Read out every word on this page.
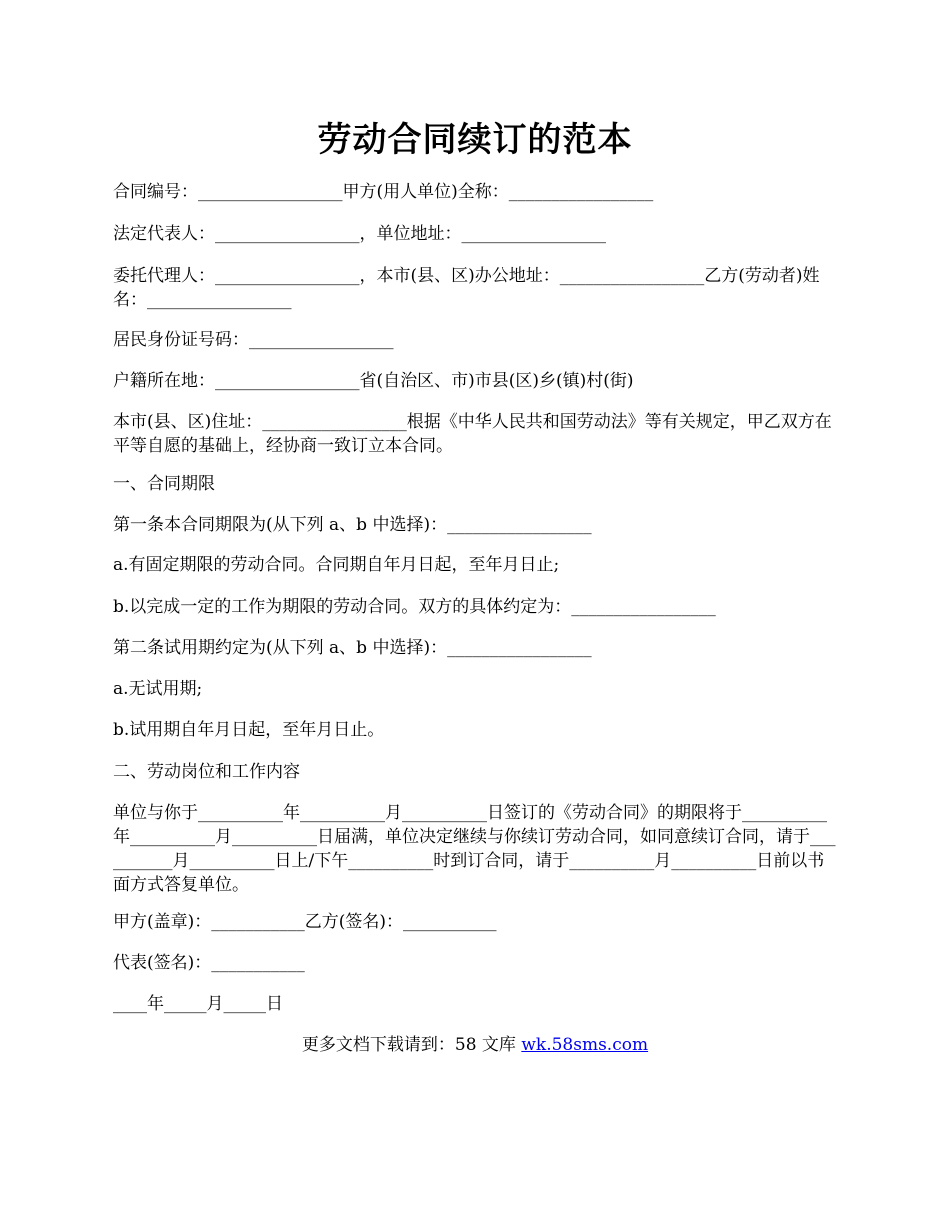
劳动合同续订的范本

合同编号：_________________甲方(用人单位)全称：_________________

法定代表人：_________________，单位地址：_________________

委托代理人：_________________，本市(县、区)办公地址：_________________乙方(劳动者)姓名：_________________

居民身份证号码：_________________

户籍所在地：_________________省(自治区、市)市县(区)乡(镇)村(街)

本市(县、区)住址：_________________根据《中华人民共和国劳动法》等有关规定，甲乙双方在平等自愿的基础上，经协商一致订立本合同。

一、合同期限

第一条本合同期限为(从下列 a、b 中选择)：_________________

a.有固定期限的劳动合同。合同期自年月日起，至年月日止;

b.以完成一定的工作为期限的劳动合同。双方的具体约定为：_________________

第二条试用期约定为(从下列 a、b 中选择)：_________________

a.无试用期;

b.试用期自年月日起，至年月日止。

二、劳动岗位和工作内容

单位与你于__________年__________月__________日签订的《劳动合同》的期限将于__________年__________月__________日届满，单位决定继续与你续订劳动合同，如同意续订合同，请于__________月__________日上/下午__________时到订合同，请于__________月__________日前以书面方式答复单位。

甲方(盖章)：___________乙方(签名)：___________

代表(签名)：___________

____年_____月_____日

更多文档下载请到：58 文库 wk.58sms.com
